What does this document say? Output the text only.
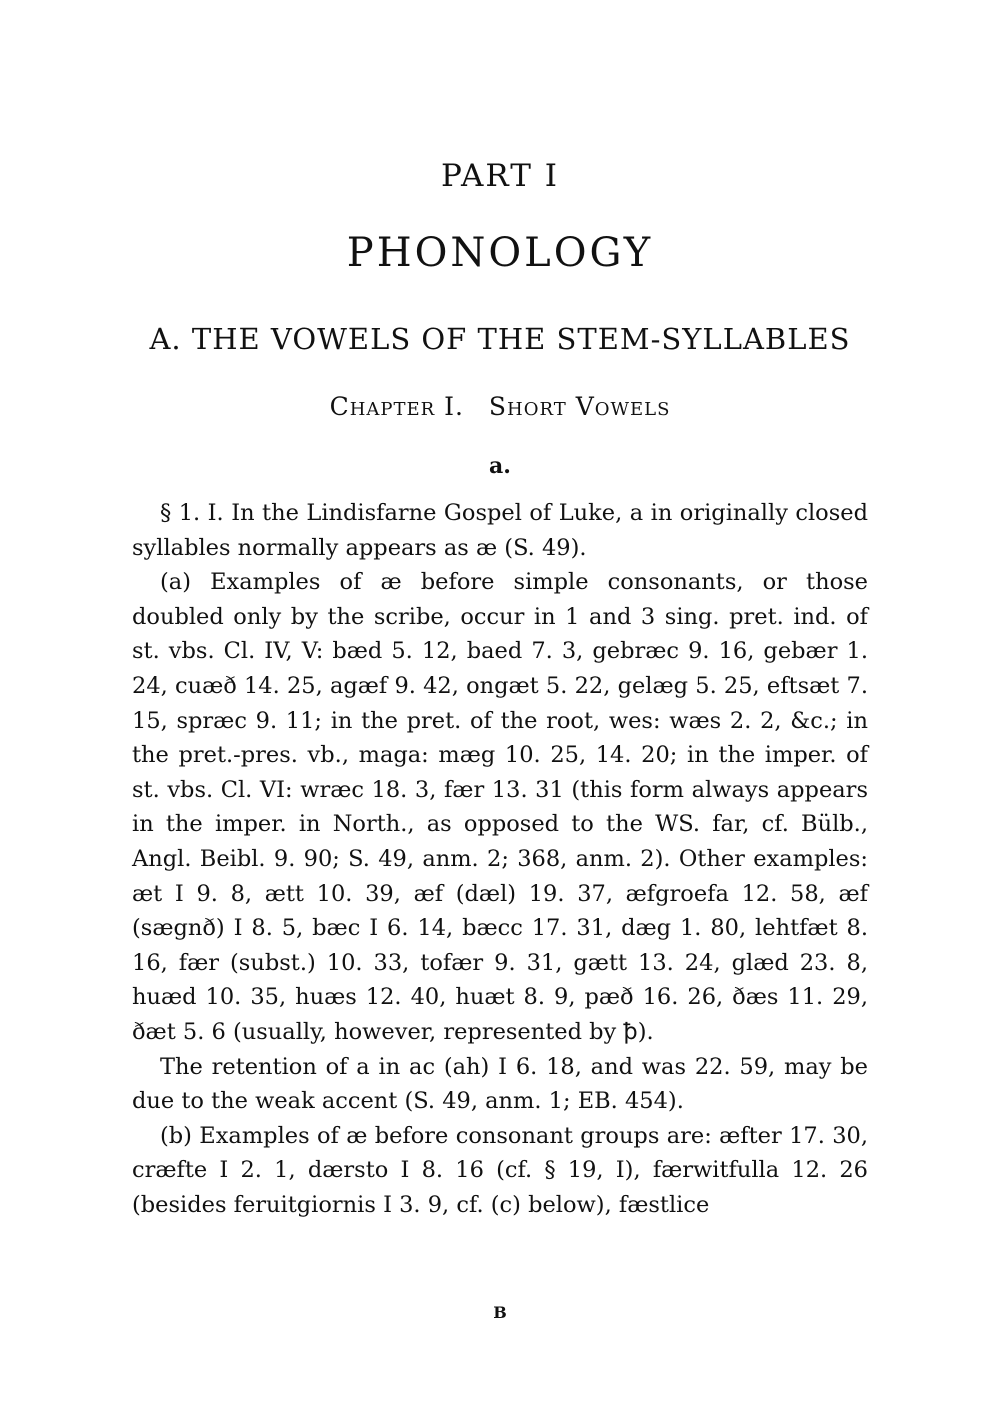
PART I
PHONOLOGY
A. THE VOWELS OF THE STEM-SYLLABLES
Chapter I. Short Vowels
a.

§ 1. I. In the Lindisfarne Gospel of Luke, a in originally closed syllables normally appears as æ (S. 49).

(a) Examples of æ before simple consonants, or those doubled only by the scribe, occur in 1 and 3 sing. pret. ind. of st. vbs. Cl. IV, V: bæd 5. 12, baed 7. 3, gebræc 9. 16, gebær 1. 24, cuæð 14. 25, agæf 9. 42, ongæt 5. 22, gelæg 5. 25, eftsæt 7. 15, spræc 9. 11; in the pret. of the root, wes: wæs 2. 2, &c.; in the pret.-pres. vb., maga: mæg 10. 25, 14. 20; in the imper. of st. vbs. Cl. VI: wræc 18. 3, fær 13. 31 (this form always appears in the imper. in North., as opposed to the WS. far, cf. Bülb., Angl. Beibl. 9. 90; S. 49, anm. 2; 368, anm. 2). Other examples: æt I 9. 8, ætt 10. 39, æf (dæl) 19. 37, æfgroefa 12. 58, æf (sægnð) I 8. 5, bæc I 6. 14, bæcc 17. 31, dæg 1. 80, lehtfæt 8. 16, fær (subst.) 10. 33, tofær 9. 31, gætt 13. 24, glæd 23. 8, huæd 10. 35, huæs 12. 40, huæt 8. 9, pæð 16. 26, ðæs 11. 29, ðæt 5. 6 (usually, however, represented by ꝥ).

The retention of a in ac (ah) I 6. 18, and was 22. 59, may be due to the weak accent (S. 49, anm. 1; EB. 454).

(b) Examples of æ before consonant groups are: æfter 17. 30, cræfte I 2. 1, dærsto I 8. 16 (cf. § 19, I), færwitfulla 12. 26 (besides feruitgiornis I 3. 9, cf. (c) below), fæstlice

B
